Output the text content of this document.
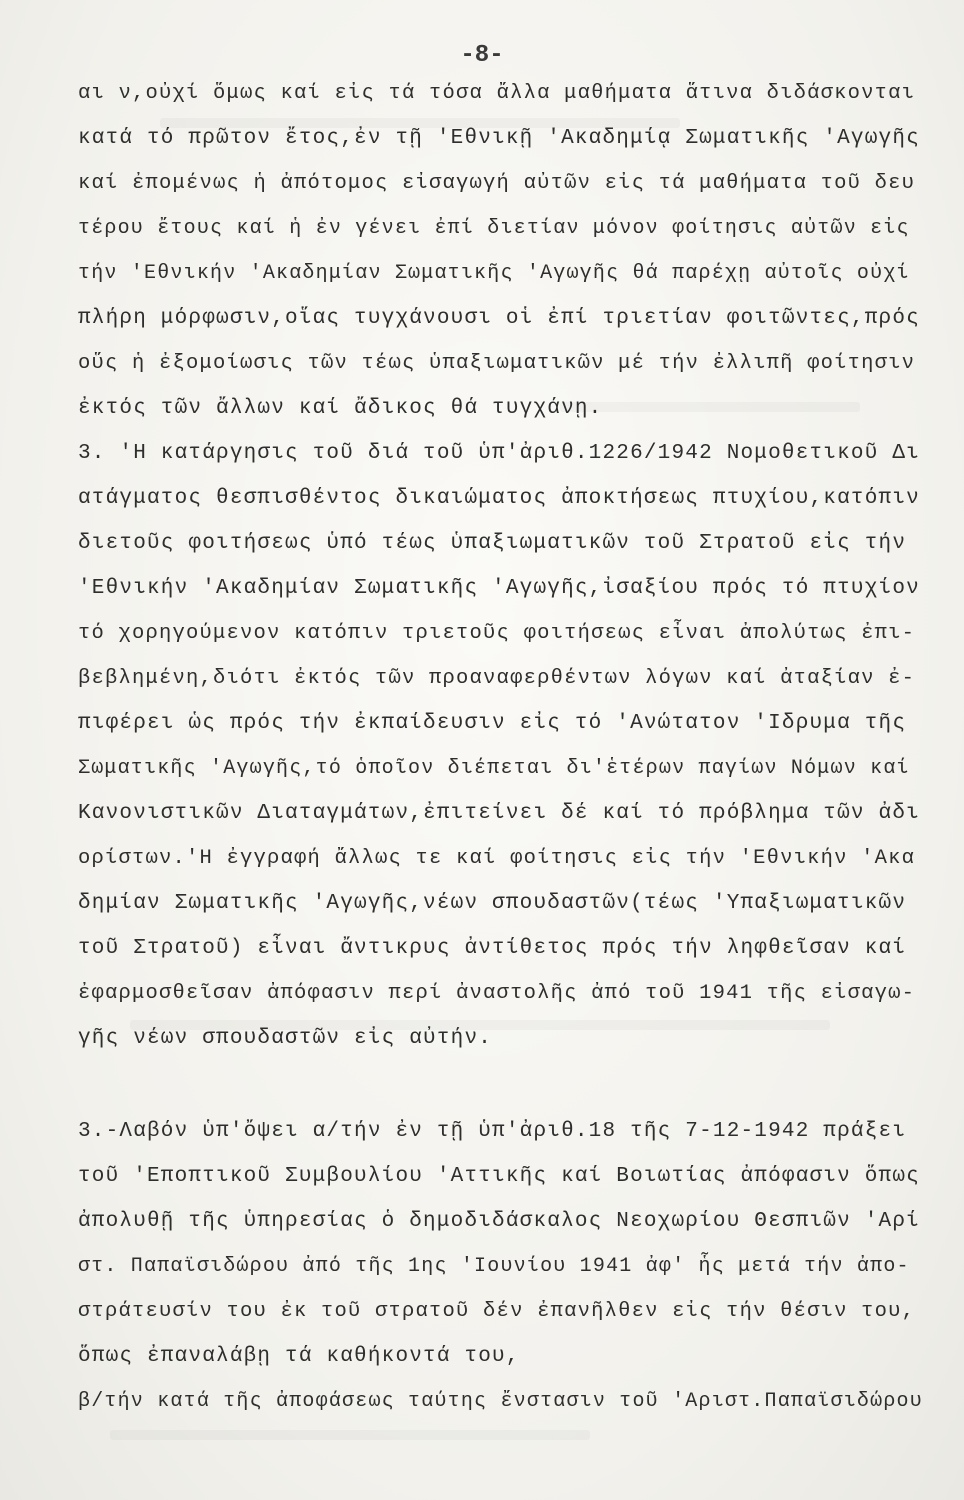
-8-
αι ν,οὐχί ὅμως καί εἰς τά τόσα ἄλλα μαθήματα ἅτινα διδάσκονται
κατά τό πρῶτον ἔτος,ἐν τῇ 'Εθνικῇ 'Ακαδημίᾳ Σωματικῆς 'Αγωγῆς
καί ἐπομένως ἡ ἀπότομος εἰσαγωγή αὐτῶν εἰς τά μαθήματα τοῦ δευ
τέρου ἔτους καί ἡ ἐν γένει ἐπί διετίαν μόνον φοίτησις αὐτῶν εἰς
τήν 'Εθνικήν 'Ακαδημίαν Σωματικῆς 'Αγωγῆς θά παρέχῃ αὐτοῖς οὐχί
πλήρη μόρφωσιν,οἵας τυγχάνουσι οἱ ἐπί τριετίαν φοιτῶντες,πρός
οὕς ἡ ἐξομοίωσις τῶν τέως ὑπαξιωματικῶν μέ τήν ἐλλιπῆ φοίτησιν
ἐκτός τῶν ἄλλων καί ἄδικος θά τυγχάνῃ.
3. 'Η κατάργησις τοῦ διά τοῦ ὑπ'ἀριθ.1226/1942 Νομοθετικοῦ Δι
ατάγματος θεσπισθέντος δικαιώματος ἀποκτήσεως πτυχίου,κατόπιν
διετοῦς φοιτήσεως ὑπό τέως ὑπαξιωματικῶν τοῦ Στρατοῦ εἰς τήν
'Εθνικήν 'Ακαδημίαν Σωματικῆς 'Αγωγῆς,ἰσαξίου πρός τό πτυχίον
τό χορηγούμενον κατόπιν τριετοῦς φοιτήσεως εἶναι ἀπολύτως ἐπι-
βεβλημένη,διότι ἐκτός τῶν προαναφερθέντων λόγων καί ἀταξίαν ἐ-
πιφέρει ὡς πρός τήν ἐκπαίδευσιν εἰς τό 'Ανώτατον 'Ιδρυμα τῆς
Σωματικῆς 'Αγωγῆς,τό ὁποῖον διέπεται δι'ἑτέρων παγίων Νόμων καί
Κανονιστικῶν Διαταγμάτων,ἐπιτείνει δέ καί τό πρόβλημα τῶν ἀδι
ορίστων.'Η ἐγγραφή ἄλλως τε καί φοίτησις εἰς τήν 'Εθνικήν 'Ακα
δημίαν Σωματικῆς 'Αγωγῆς,νέων σπουδαστῶν(τέως 'Υπαξιωματικῶν
τοῦ Στρατοῦ) εἶναι ἄντικρυς ἀντίθετος πρός τήν ληφθεῖσαν καί
ἐφαρμοσθεῖσαν ἀπόφασιν περί ἀναστολῆς ἀπό τοῦ 1941 τῆς εἰσαγω-
γῆς νέων σπουδαστῶν εἰς αὐτήν.
3.-Λαβόν ὑπ'ὄψει α/τήν ἐν τῇ ὑπ'ἀριθ.18 τῆς 7-12-1942 πράξει
τοῦ 'Εποπτικοῦ Συμβουλίου 'Αττικῆς καί Βοιωτίας ἀπόφασιν ὅπως
ἀπολυθῇ τῆς ὑπηρεσίας ὁ δημοδιδάσκαλος Νεοχωρίου Θεσπιῶν 'Αρί
στ. Παπαϊσιδώρου ἀπό τῆς 1ης 'Ιουνίου 1941 ἀφ' ἧς μετά τήν ἀπο-
στράτευσίν του ἐκ τοῦ στρατοῦ δέν ἐπανῆλθεν εἰς τήν θέσιν του,
ὅπως ἐπαναλάβῃ τά καθήκοντά του,
β/τήν κατά τῆς ἀποφάσεως ταύτης ἔνστασιν τοῦ 'Αριστ.Παπαϊσιδώρου
